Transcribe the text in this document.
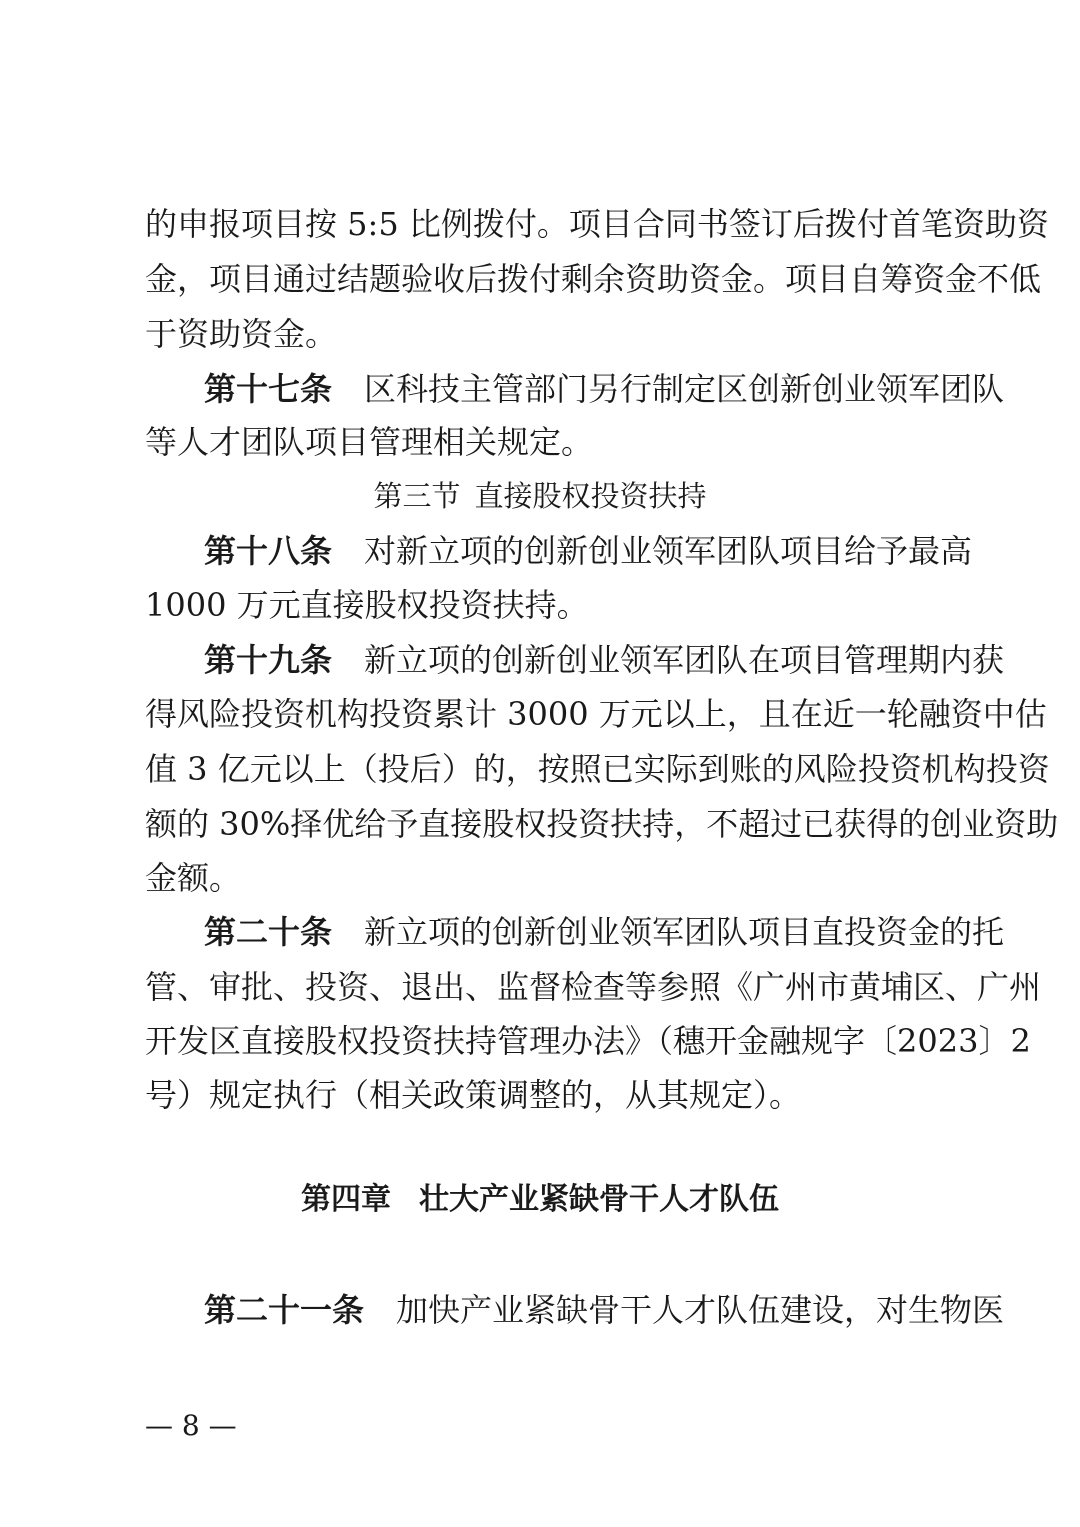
的申报项目按 5:5 比例拨付。项目合同书签订后拨付首笔资助资
金，项目通过结题验收后拨付剩余资助资金。项目自筹资金不低
于资助资金。
第十七条 区科技主管部门另行制定区创新创业领军团队
等人才团队项目管理相关规定。
第三节 直接股权投资扶持
第十八条 对新立项的创新创业领军团队项目给予最高
1000 万元直接股权投资扶持。
第十九条 新立项的创新创业领军团队在项目管理期内获
得风险投资机构投资累计 3000 万元以上，且在近一轮融资中估
值 3 亿元以上（投后）的，按照已实际到账的风险投资机构投资
额的 30%择优给予直接股权投资扶持，不超过已获得的创业资助
金额。
第二十条 新立项的创新创业领军团队项目直投资金的托
管、审批、投资、退出、监督检查等参照《广州市黄埔区、广州
开发区直接股权投资扶持管理办法》（穗开金融规字〔2023〕2
号）规定执行（相关政策调整的，从其规定）。
第四章 壮大产业紧缺骨干人才队伍
第二十一条 加快产业紧缺骨干人才队伍建设，对生物医
— 8 —
